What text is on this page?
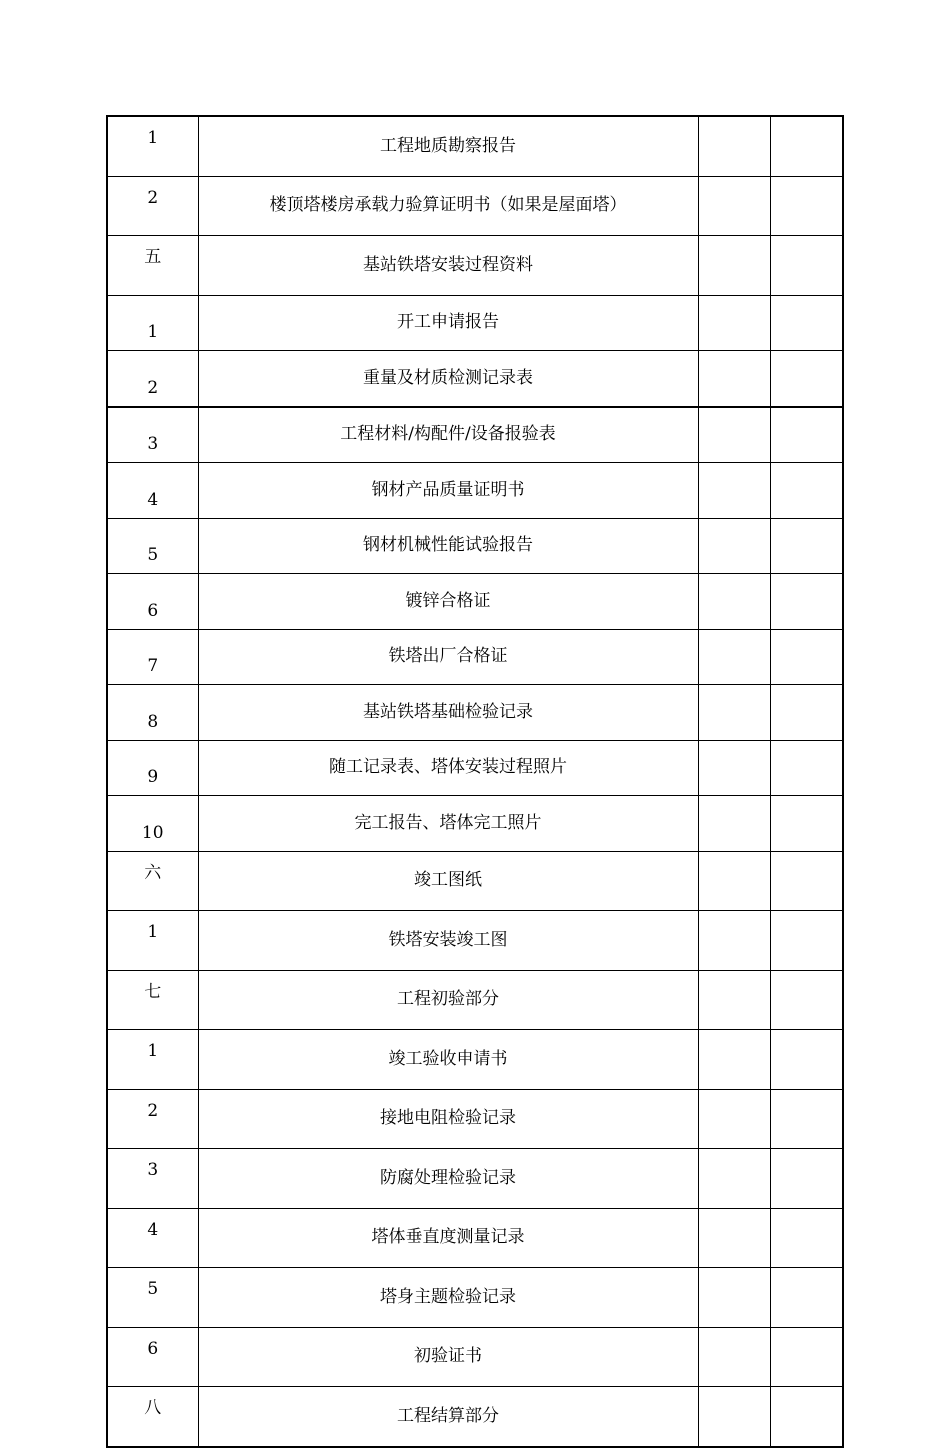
1	工程地质勘察报告		
2	楼顶塔楼房承载力验算证明书（如果是屋面塔）		
五	基站铁塔安装过程资料		
1	开工申请报告		
2	重量及材质检测记录表		
3	工程材料/构配件/设备报验表		
4	钢材产品质量证明书		
5	钢材机械性能试验报告		
6	镀锌合格证		
7	铁塔出厂合格证		
8	基站铁塔基础检验记录		
9	随工记录表、塔体安装过程照片		
10	完工报告、塔体完工照片		
六	竣工图纸		
1	铁塔安装竣工图		
七	工程初验部分		
1	竣工验收申请书		
2	接地电阻检验记录		
3	防腐处理检验记录		
4	塔体垂直度测量记录		
5	塔身主题检验记录		
6	初验证书		
八	工程结算部分		
